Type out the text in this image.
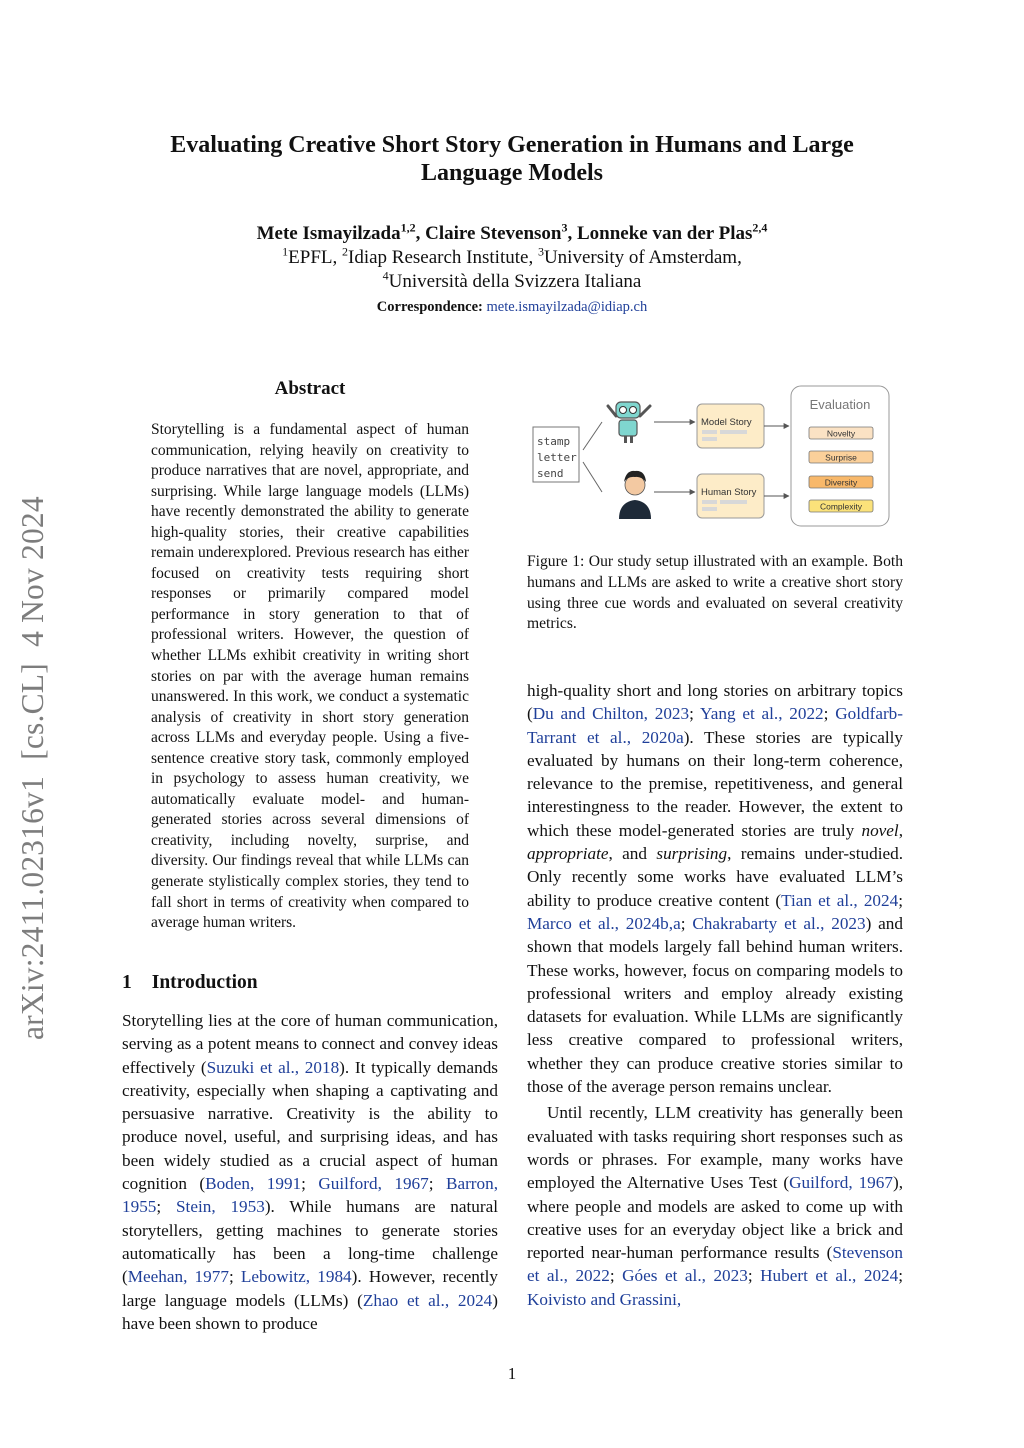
arXiv:2411.02316v1  [cs.CL]  4 Nov 2024
Evaluating Creative Short Story Generation in Humans and Large Language Models
Mete Ismayilzada$^{1,2}$, Claire Stevenson$^3$, Lonneke van der Plas$^{2,4}$
$^1$EPFL, $^2$Idiap Research Institute, $^3$University of Amsterdam,
$^4$Università della Svizzera Italiana
Correspondence: mete.ismayilzada@idiap.ch
Abstract
Storytelling is a fundamental aspect of human communication, relying heavily on creativity to produce narratives that are novel, appropriate, and surprising. While large language models (LLMs) have recently demonstrated the ability to generate high-quality stories, their creative capabilities remain underexplored. Previous research has either focused on creativity tests requiring short responses or primarily compared model performance in story generation to that of professional writers. However, the question of whether LLMs exhibit creativity in writing short stories on par with the average human remains unanswered. In this work, we conduct a systematic analysis of creativity in short story generation across LLMs and everyday people. Using a five-sentence creative story task, commonly employed in psychology to assess human creativity, we automatically evaluate model- and human-generated stories across several dimensions of creativity, including novelty, surprise, and diversity. Our findings reveal that while LLMs can generate stylistically complex stories, they tend to fall short in terms of creativity when compared to average human writers.
stamp
letter
send
Model Story
Human Story
Evaluation
Novelty
Surprise
Diversity
Complexity
Figure 1: Our study setup illustrated with an example. Both humans and LLMs are asked to write a creative short story using three cue words and evaluated on several creativity metrics.
1 Introduction

Storytelling lies at the core of human communication, serving as a potent means to connect and convey ideas effectively (Suzuki et al., 2018). It typically demands creativity, especially when shaping a captivating and persuasive narrative. Creativity is the ability to produce novel, useful, and surprising ideas, and has been widely studied as a crucial aspect of human cognition (Boden, 1991; Guilford, 1967; Barron, 1955; Stein, 1953). While humans are natural storytellers, getting machines to generate stories automatically has been a long-time challenge (Meehan, 1977; Lebowitz, 1984). However, recently large language models (LLMs) (Zhao et al., 2024) have been shown to produce

high-quality short and long stories on arbitrary topics (Du and Chilton, 2023; Yang et al., 2022; Goldfarb-Tarrant et al., 2020a). These stories are typically evaluated by humans on their long-term coherence, relevance to the premise, repetitiveness, and general interestingness to the reader. However, the extent to which these model-generated stories are truly novel, appropriate, and surprising, remains under-studied. Only recently some works have evaluated LLM’s ability to produce creative content (Tian et al., 2024; Marco et al., 2024b,a; Chakrabarty et al., 2023) and shown that models largely fall behind human writers. These works, however, focus on comparing models to professional writers and employ already existing datasets for evaluation. While LLMs are significantly less creative compared to professional writers, whether they can produce creative stories similar to those of the average person remains unclear.

Until recently, LLM creativity has generally been evaluated with tasks requiring short responses such as words or phrases. For example, many works have employed the Alternative Uses Test (Guilford, 1967), where people and models are asked to come up with creative uses for an everyday object like a brick and reported near-human performance results (Stevenson et al., 2022; Góes et al., 2023; Hubert et al., 2024; Koivisto and Grassini,

1
